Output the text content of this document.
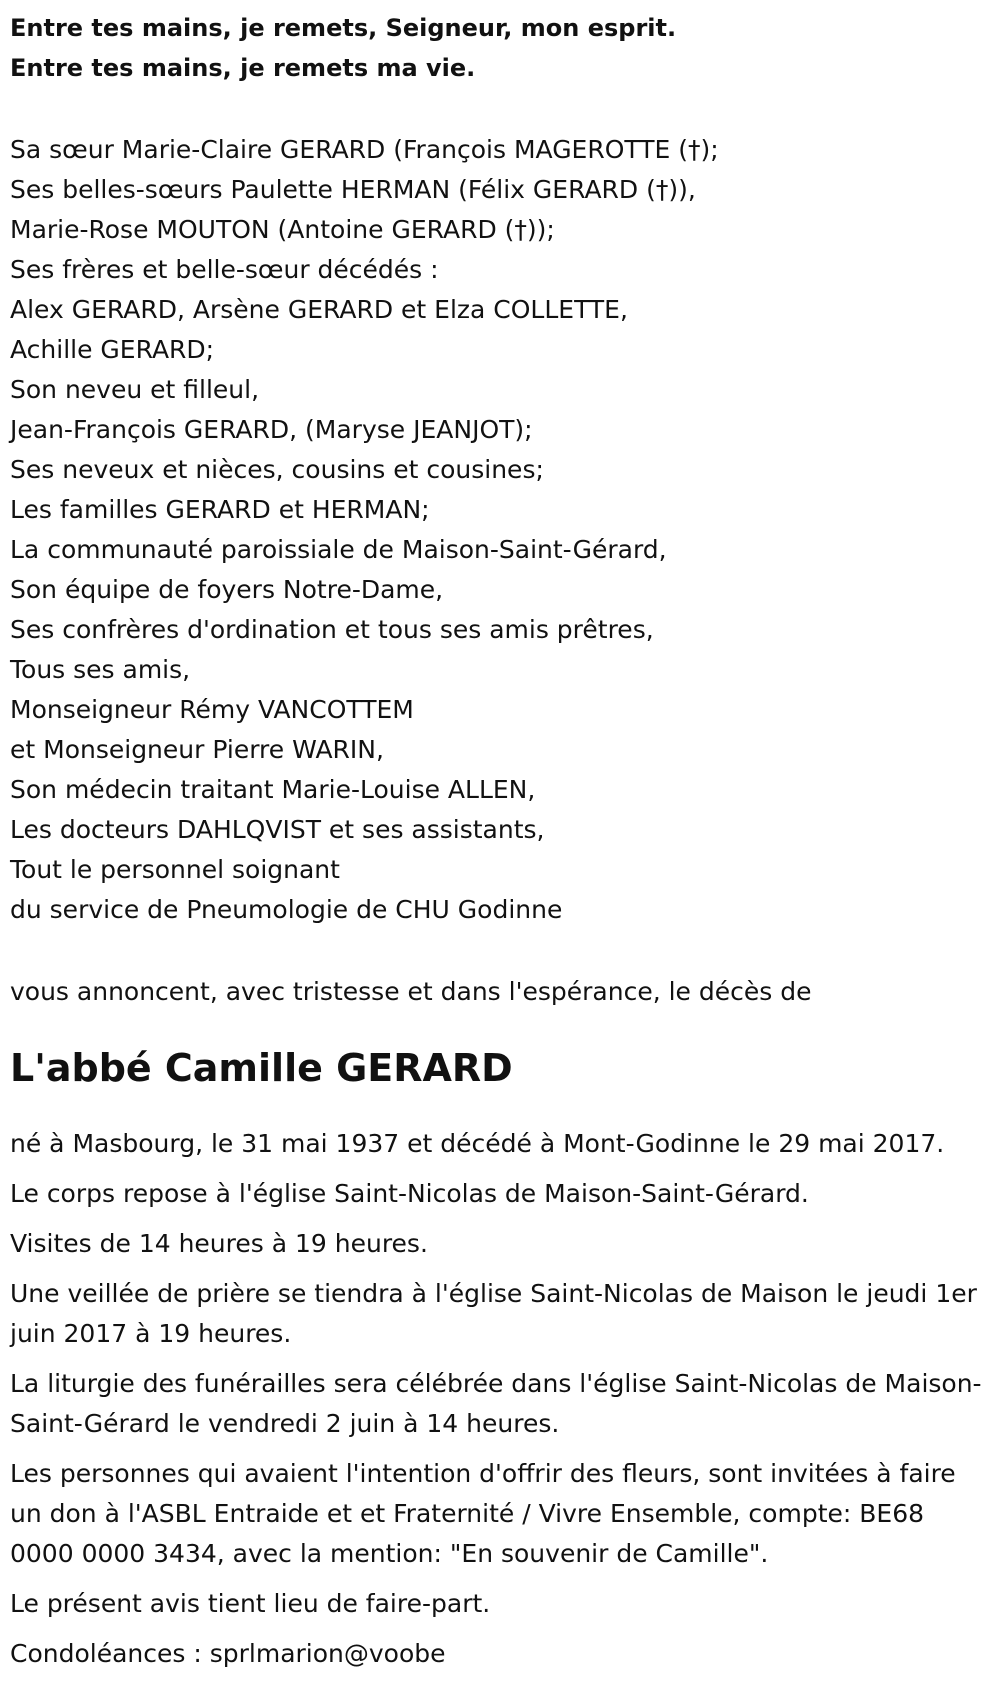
Entre tes mains, je remets, Seigneur, mon esprit.

Entre tes mains, je remets ma vie.

Sa sœur Marie-Claire GERARD (François MAGEROTTE (†);

Ses belles-sœurs Paulette HERMAN (Félix GERARD (†)),

Marie-Rose MOUTON (Antoine GERARD (†));

Ses frères et belle-sœur décédés :

Alex GERARD, Arsène GERARD et Elza COLLETTE,

Achille GERARD;

Son neveu et filleul,

Jean-François GERARD, (Maryse JEANJOT);

Ses neveux et nièces, cousins et cousines;

Les familles GERARD et HERMAN;

La communauté paroissiale de Maison-Saint-Gérard,

Son équipe de foyers Notre-Dame,

Ses confrères d'ordination et tous ses amis prêtres,

Tous ses amis,

Monseigneur Rémy VANCOTTEM

et Monseigneur Pierre WARIN,

Son médecin traitant Marie-Louise ALLEN,

Les docteurs DAHLQVIST et ses assistants,

Tout le personnel soignant

du service de Pneumologie de CHU Godinne

vous annoncent, avec tristesse et dans l'espérance, le décès de

L'abbé Camille GERARD

né à Masbourg, le 31 mai 1937 et décédé à Mont-Godinne le 29 mai 2017.

Le corps repose à l'église Saint-Nicolas de Maison-Saint-Gérard.

Visites de 14 heures à 19 heures.

Une veillée de prière se tiendra à l'église Saint-Nicolas de Maison le jeudi 1er juin 2017 à 19 heures.

La liturgie des funérailles sera célébrée dans l'église Saint-Nicolas de Maison-Saint-Gérard le vendredi 2 juin à 14 heures.

Les personnes qui avaient l'intention d'offrir des fleurs, sont invitées à faire un don à l'ASBL Entraide et et Fraternité / Vivre Ensemble, compte: BE68 0000 0000 3434, avec la mention: "En souvenir de Camille".

Le présent avis tient lieu de faire-part.

Condoléances : sprlmarion@voobe
